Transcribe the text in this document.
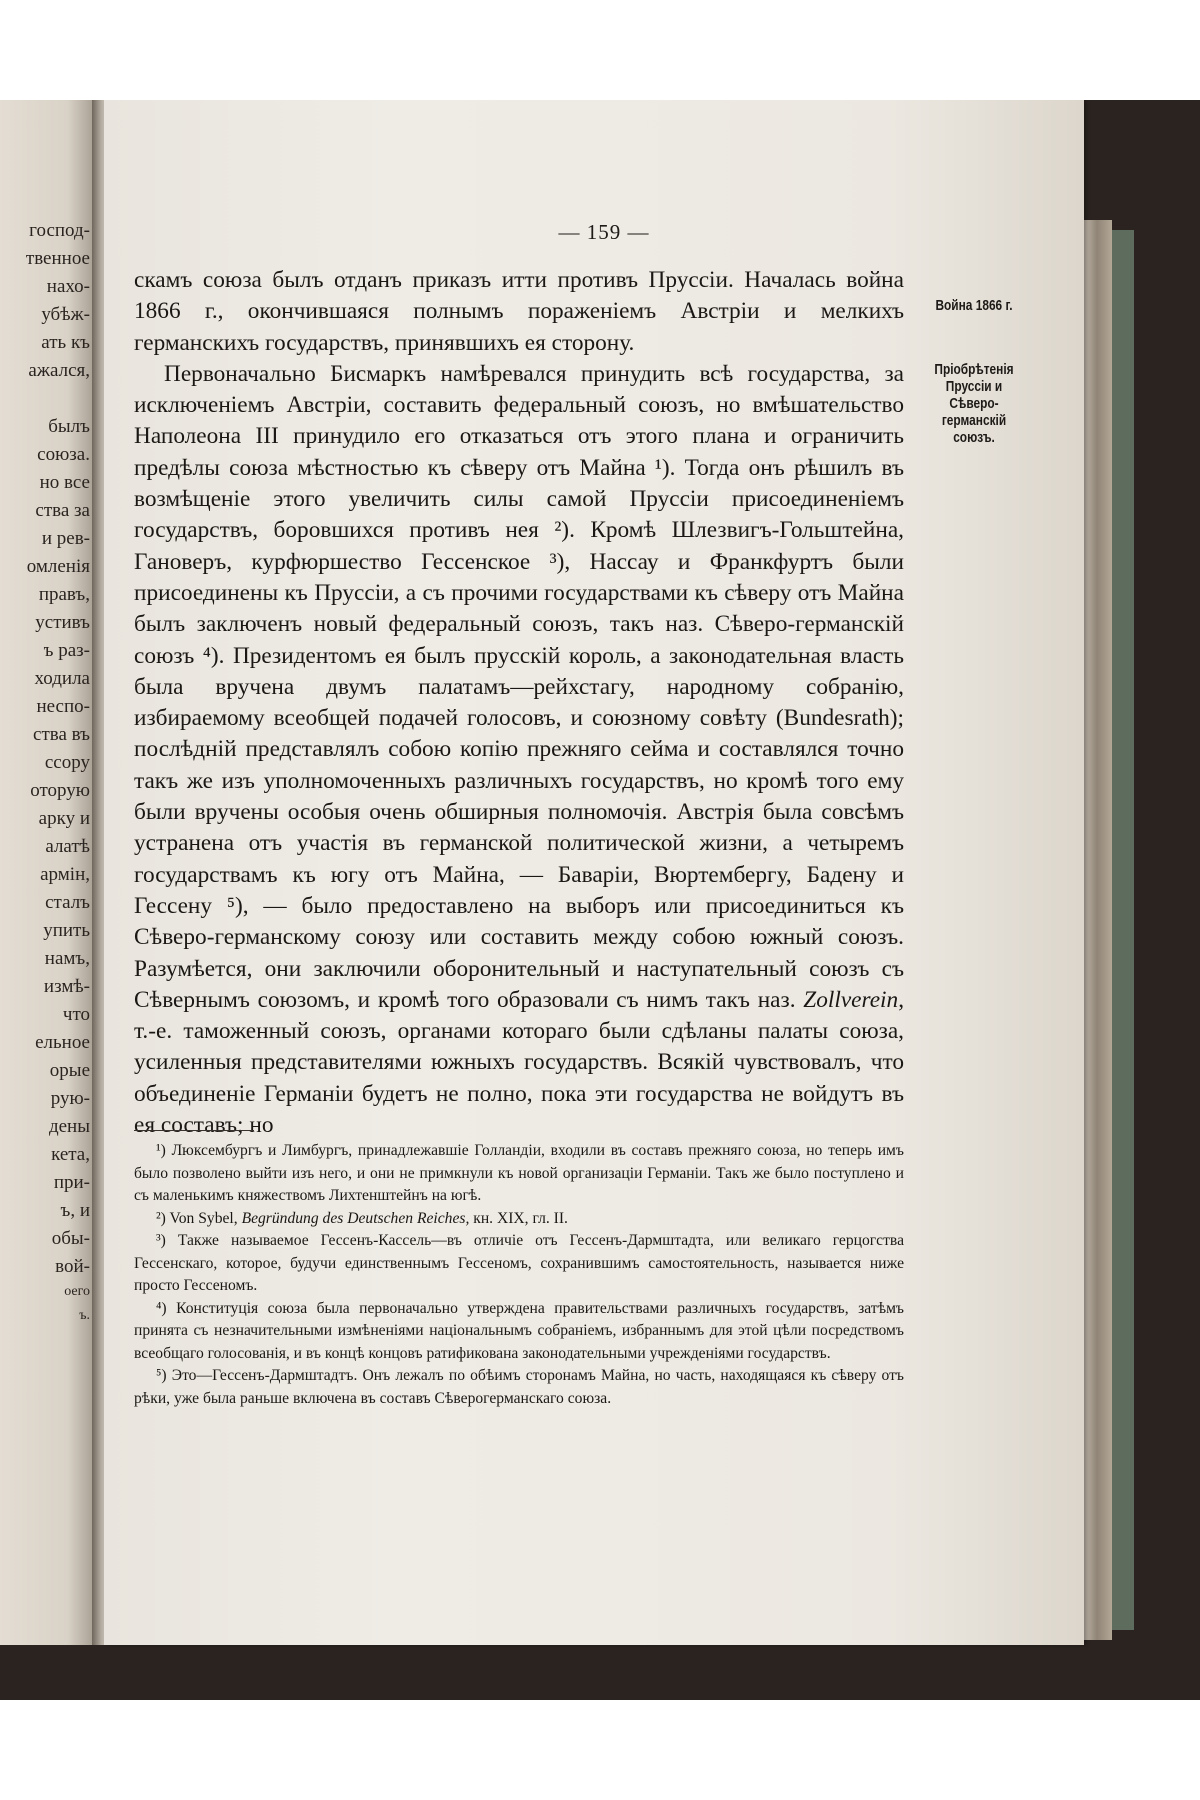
господ-
твенное
нахо-
убѣж-
ать къ
ажался,
былъ
союза.
но все
ства за
и рев-
омленія
правъ,
устивъ
ъ раз-
ходила
неспо-
ства въ
ссору
оторую
арку и
алатѣ
армін,
сталъ
упить
намъ,
измѣ-
что
ельное
орые
рую-
дены
кета,
при-
ъ, и
обы-
вой-
оего
ъ.
— 159 —

скамъ союза былъ отданъ приказъ итти противъ Пруссіи. Началась война 1866 г., окончившаяся полнымъ пораженіемъ Австріи и мелкихъ германскихъ государствъ, принявшихъ ея сторону.

Первоначально Бисмаркъ намѣревался принудить всѣ государства, за исключеніемъ Австріи, составить федеральный союзъ, но вмѣшательство Наполеона III принудило его отказаться отъ этого плана и ограничить предѣлы союза мѣстностью къ сѣверу отъ Майна ¹). Тогда онъ рѣшилъ въ возмѣщеніе этого увеличить силы самой Пруссіи присоединеніемъ государствъ, боровшихся противъ нея ²). Кромѣ Шлезвигъ-Гольштейна, Гановеръ, курфюршество Гессенское ³), Нассау и Франкфуртъ были присоединены къ Пруссіи, а съ прочими государствами къ сѣверу отъ Майна былъ заключенъ новый федеральный союзъ, такъ наз. Сѣверо-германскій союзъ ⁴). Президентомъ ея былъ прусскій король, а законодательная власть была вручена двумъ палатамъ—рейхстагу, народному собранію, избираемому всеобщей подачей голосовъ, и союзному совѣту (Bundesrath); послѣдній представлялъ собою копію прежняго сейма и составлялся точно такъ же изъ уполномоченныхъ различныхъ государствъ, но кромѣ того ему были вручены особыя очень обширныя полномочія. Австрія была совсѣмъ устранена отъ участія въ германской политической жизни, а четыремъ государствамъ къ югу отъ Майна, — Баваріи, Вюртембергу, Бадену и Гессену ⁵), — было предоставлено на выборъ или присоединиться къ Сѣверо-германскому союзу или составить между собою южный союзъ. Разумѣется, они заключили оборонительный и наступательный союзъ съ Сѣвернымъ союзомъ, и кромѣ того образовали съ нимъ такъ наз. Zollverein, т.-е. таможенный союзъ, органами котораго были сдѣланы палаты союза, усиленныя представителями южныхъ государствъ. Всякій чувствовалъ, что объединеніе Германіи будетъ не полно, пока эти государства не войдутъ въ ея составъ; но

Война 1866 г.
Пріобрѣтенія Пруссіи и Сѣверо-германскій союзъ.

¹) Люксембургъ и Лимбургъ, принадлежавшіе Голландіи, входили въ составъ прежняго союза, но теперь имъ было позволено выйти изъ него, и они не примкнули къ новой организаціи Германіи. Такъ же было поступлено и съ маленькимъ княжествомъ Лихтенштейнъ на югѣ.

²) Von Sybel, Begründung des Deutschen Reiches, кн. XIX, гл. II.

³) Также называемое Гессенъ-Кассель—въ отличіе отъ Гессенъ-Дармштадта, или великаго герцогства Гессенскаго, которое, будучи единственнымъ Гессеномъ, сохранившимъ самостоятельность, называется ниже просто Гессеномъ.

⁴) Конституція союза была первоначально утверждена правительствами различныхъ государствъ, затѣмъ принята съ незначительными измѣненіями національнымъ собраніемъ, избраннымъ для этой цѣли посредствомъ всеобщаго голосованія, и въ концѣ концовъ ратификована законодательными учрежденіями государствъ.

⁵) Это—Гессенъ-Дармштадтъ. Онъ лежалъ по обѣимъ сторонамъ Майна, но часть, находящаяся къ сѣверу отъ рѣки, уже была раньше включена въ составъ Сѣверогерманскаго союза.
